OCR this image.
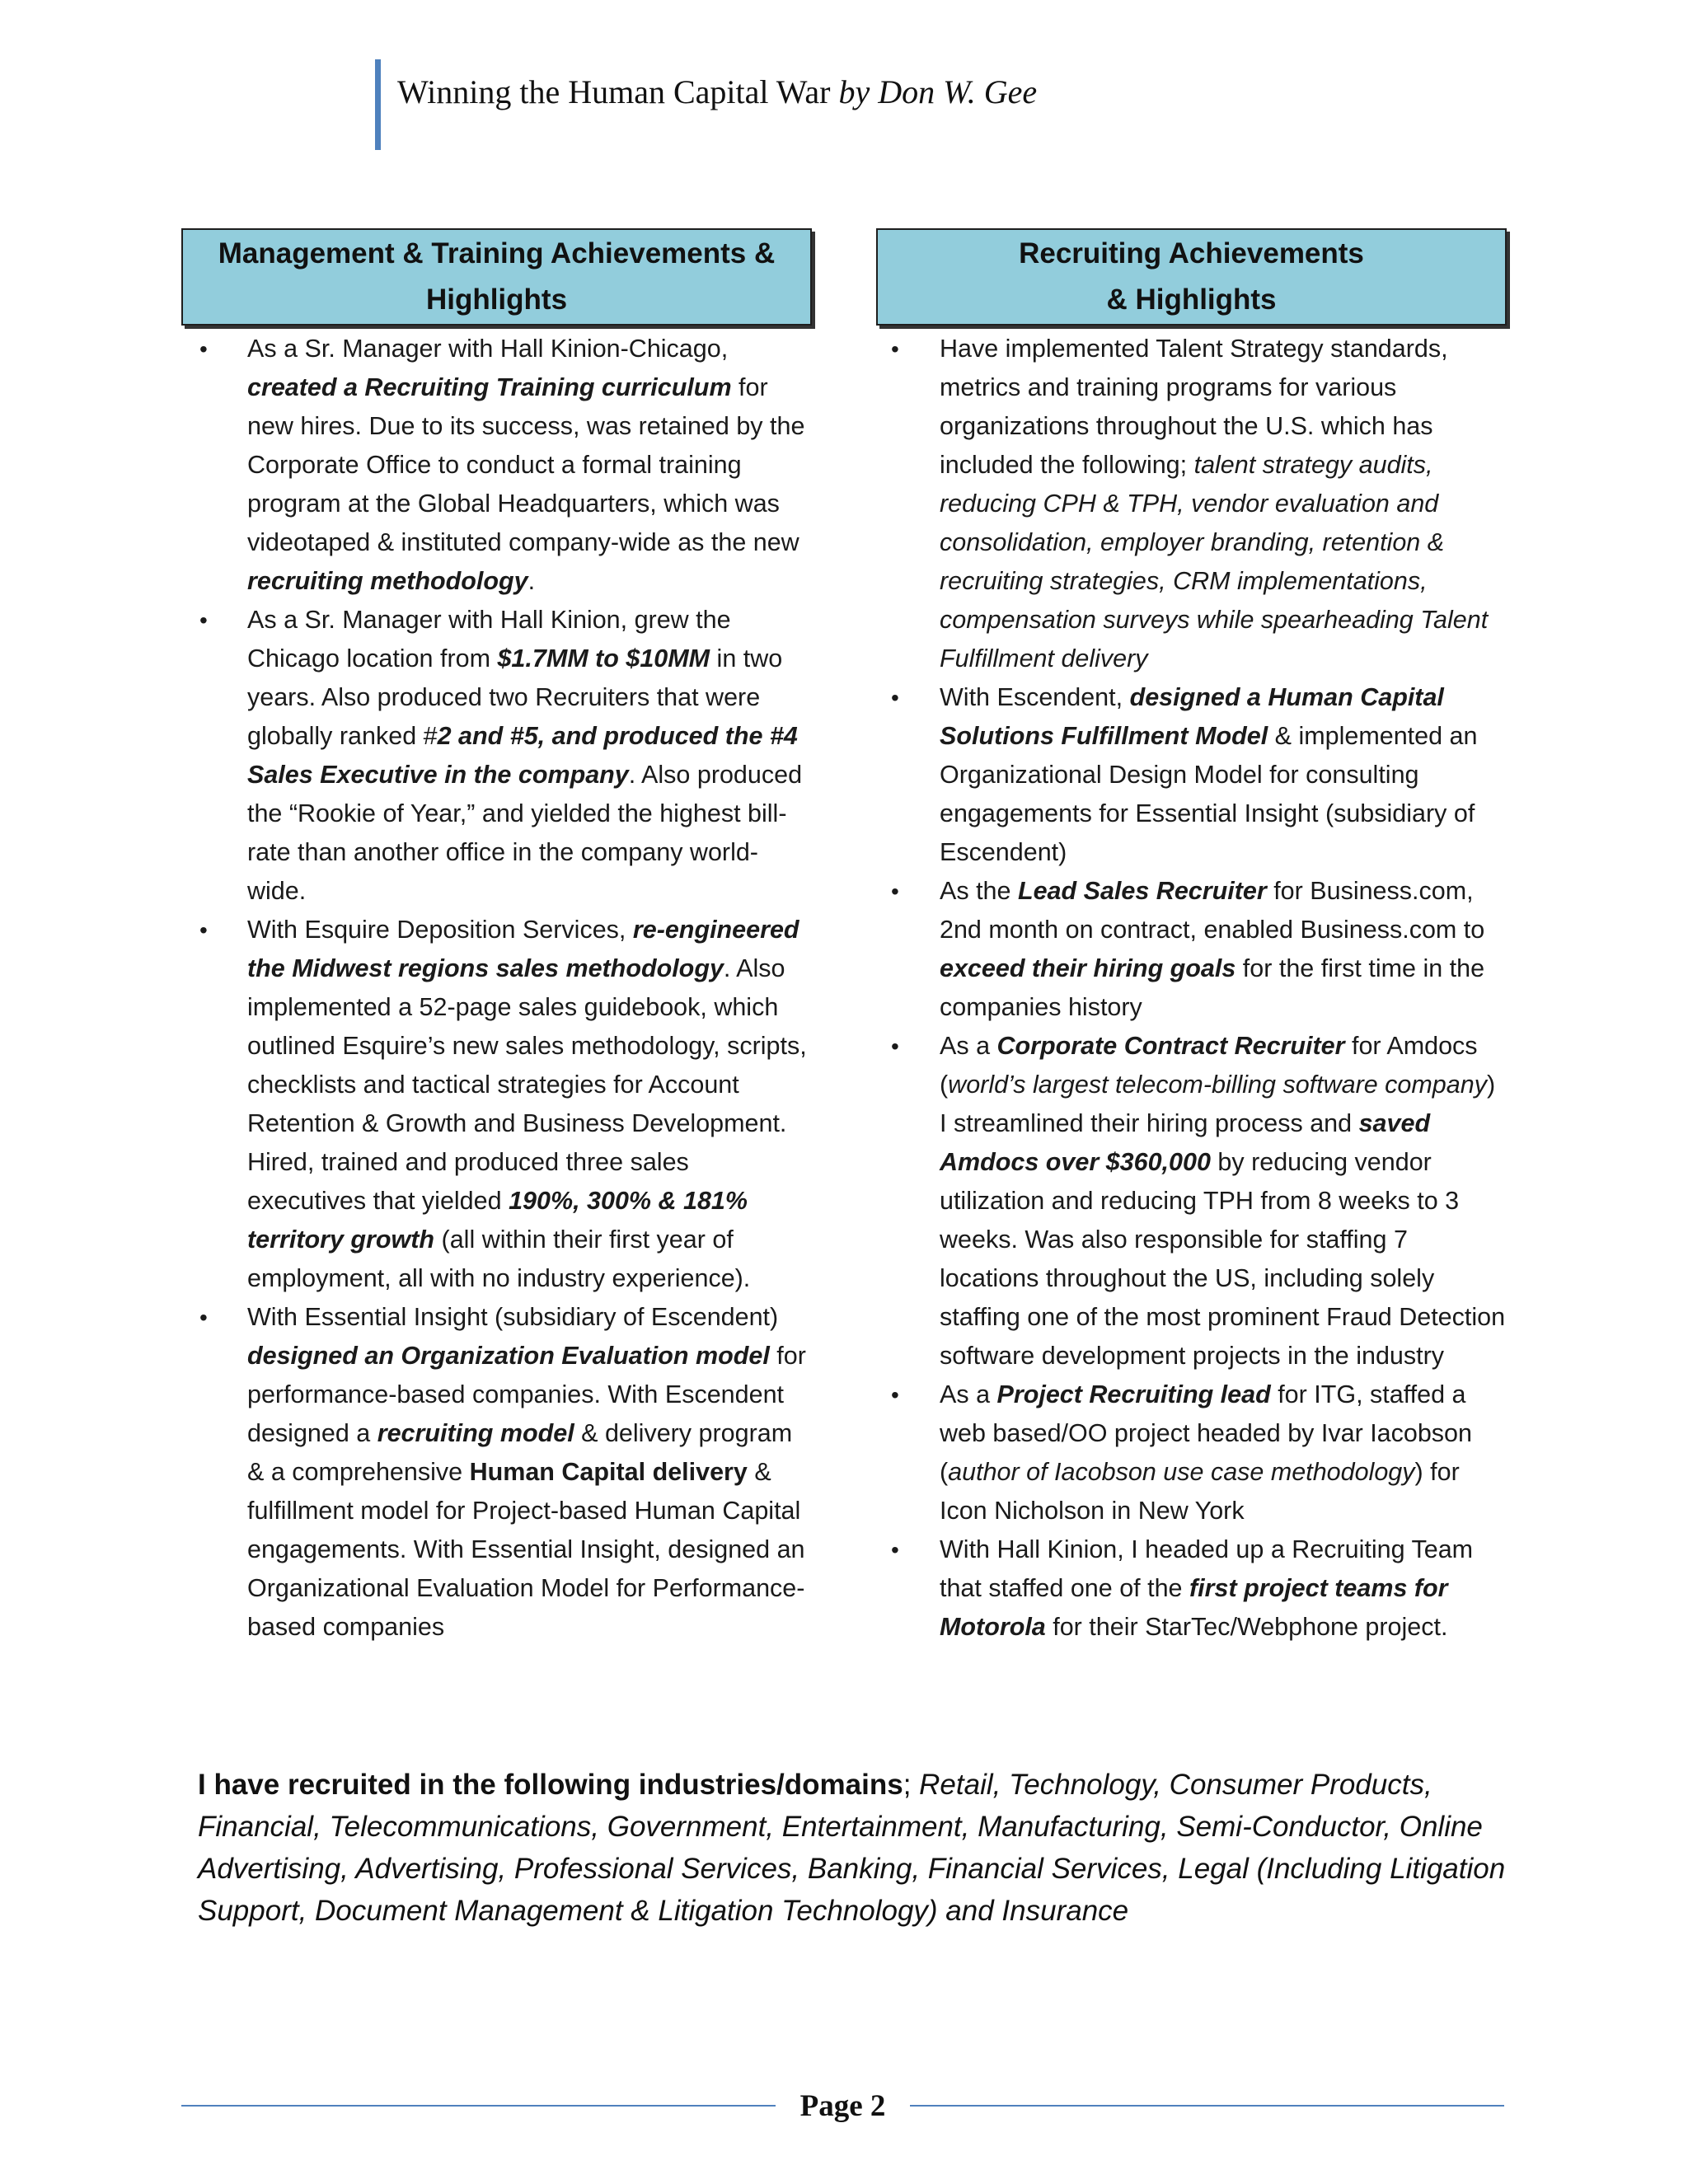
Winning the Human Capital War by Don W. Gee
Management & Training Achievements &
Highlights
• As a Sr. Manager with Hall Kinion-Chicago, created a Recruiting Training curriculum for new hires. Due to its success, was retained by the Corporate Office to conduct a formal training program at the Global Headquarters, which was videotaped & instituted company-wide as the new recruiting methodology.
• As a Sr. Manager with Hall Kinion, grew the Chicago location from $1.7MM to $10MM in two years. Also produced two Recruiters that were globally ranked #2 and #5, and produced the #4 Sales Executive in the company. Also produced the “Rookie of Year,” and yielded the highest bill-rate than another office in the company world-wide.
• With Esquire Deposition Services, re-engineered the Midwest regions sales methodology. Also implemented a 52-page sales guidebook, which outlined Esquire’s new sales methodology, scripts, checklists and tactical strategies for Account Retention & Growth and Business Development. Hired, trained and produced three sales executives that yielded 190%, 300% & 181% territory growth (all within their first year of employment, all with no industry experience).
• With Essential Insight (subsidiary of Escendent) designed an Organization Evaluation model for performance-based companies. With Escendent designed a recruiting model & delivery program & a comprehensive Human Capital delivery & fulfillment model for Project-based Human Capital engagements. With Essential Insight, designed an Organizational Evaluation Model for Performance-based companies
Recruiting Achievements
& Highlights
• Have implemented Talent Strategy standards, metrics and training programs for various organizations throughout the U.S. which has included the following; talent strategy audits, reducing CPH & TPH, vendor evaluation and consolidation, employer branding, retention & recruiting strategies, CRM implementations, compensation surveys while spearheading Talent Fulfillment delivery
• With Escendent, designed a Human Capital Solutions Fulfillment Model & implemented an Organizational Design Model for consulting engagements for Essential Insight (subsidiary of Escendent)
• As the Lead Sales Recruiter for Business.com, 2nd month on contract, enabled Business.com to exceed their hiring goals for the first time in the companies history
• As a Corporate Contract Recruiter for Amdocs (world’s largest telecom-billing software company) I streamlined their hiring process and saved Amdocs over $360,000 by reducing vendor utilization and reducing TPH from 8 weeks to 3 weeks. Was also responsible for staffing 7 locations throughout the US, including solely staffing one of the most prominent Fraud Detection software development projects in the industry
• As a Project Recruiting lead for ITG, staffed a web based/OO project headed by Ivar Iacobson (author of Iacobson use case methodology) for Icon Nicholson in New York
• With Hall Kinion, I headed up a Recruiting Team that staffed one of the first project teams for Motorola for their StarTec/Webphone project.
I have recruited in the following industries/domains; Retail, Technology, Consumer Products, Financial, Telecommunications, Government, Entertainment, Manufacturing, Semi-Conductor, Online Advertising, Advertising, Professional Services, Banking, Financial Services, Legal (Including Litigation Support, Document Management & Litigation Technology) and Insurance
Page 2
